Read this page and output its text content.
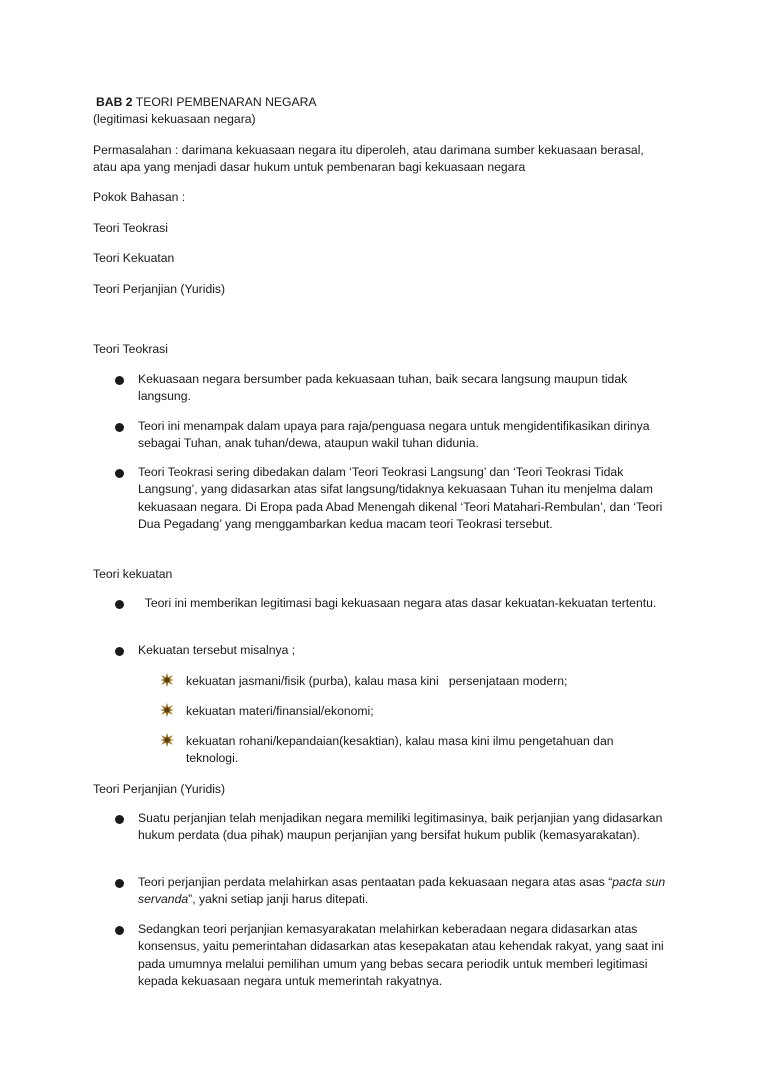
BAB 2 TEORI PEMBENARAN NEGARA
(legitimasi kekuasaan negara)
Permasalahan : darimana kekuasaan negara itu diperoleh, atau darimana sumber kekuasaan berasal,
atau apa yang menjadi dasar hukum untuk pembenaran bagi kekuasaan negara
Pokok Bahasan :
Teori Teokrasi
Teori Kekuatan
Teori Perjanjian (Yuridis)
Teori Teokrasi
Kekuasaan negara bersumber pada kekuasaan tuhan, baik secara langsung maupun tidak langsung.
Teori ini menampak dalam upaya para raja/penguasa negara untuk mengidentifikasikan dirinya sebagai Tuhan, anak tuhan/dewa, ataupun wakil tuhan didunia.
Teori Teokrasi sering dibedakan dalam ‘Teori Teokrasi Langsung’ dan ‘Teori Teokrasi Tidak Langsung’, yang didasarkan atas sifat langsung/tidaknya kekuasaan Tuhan itu menjelma dalam kekuasaan negara. Di Eropa pada Abad Menengah dikenal ‘Teori Matahari-Rembulan’, dan ‘Teori Dua Pegadang’ yang menggambarkan kedua macam teori Teokrasi tersebut.
Teori kekuatan
Teori ini memberikan legitimasi bagi kekuasaan negara atas dasar kekuatan-kekuatan tertentu.
Kekuatan tersebut misalnya ;
kekuatan jasmani/fisik (purba), kalau masa kini   persenjataan modern;
kekuatan materi/finansial/ekonomi;
kekuatan rohani/kepandaian(kesaktian), kalau masa kini ilmu pengetahuan dan teknologi.
Teori Perjanjian (Yuridis)
Suatu perjanjian telah menjadikan negara memiliki legitimasinya, baik perjanjian yang didasarkan hukum perdata (dua pihak) maupun perjanjian yang bersifat hukum publik (kemasyarakatan).
Teori perjanjian perdata melahirkan asas pentaatan pada kekuasaan negara atas asas “pacta sun servanda”, yakni setiap janji harus ditepati.
Sedangkan teori perjanjian kemasyarakatan melahirkan keberadaan negara didasarkan atas konsensus, yaitu pemerintahan didasarkan atas kesepakatan atau kehendak rakyat, yang saat ini pada umumnya melalui pemilihan umum yang bebas secara periodik untuk memberi legitimasi kepada kekuasaan negara untuk memerintah rakyatnya.
